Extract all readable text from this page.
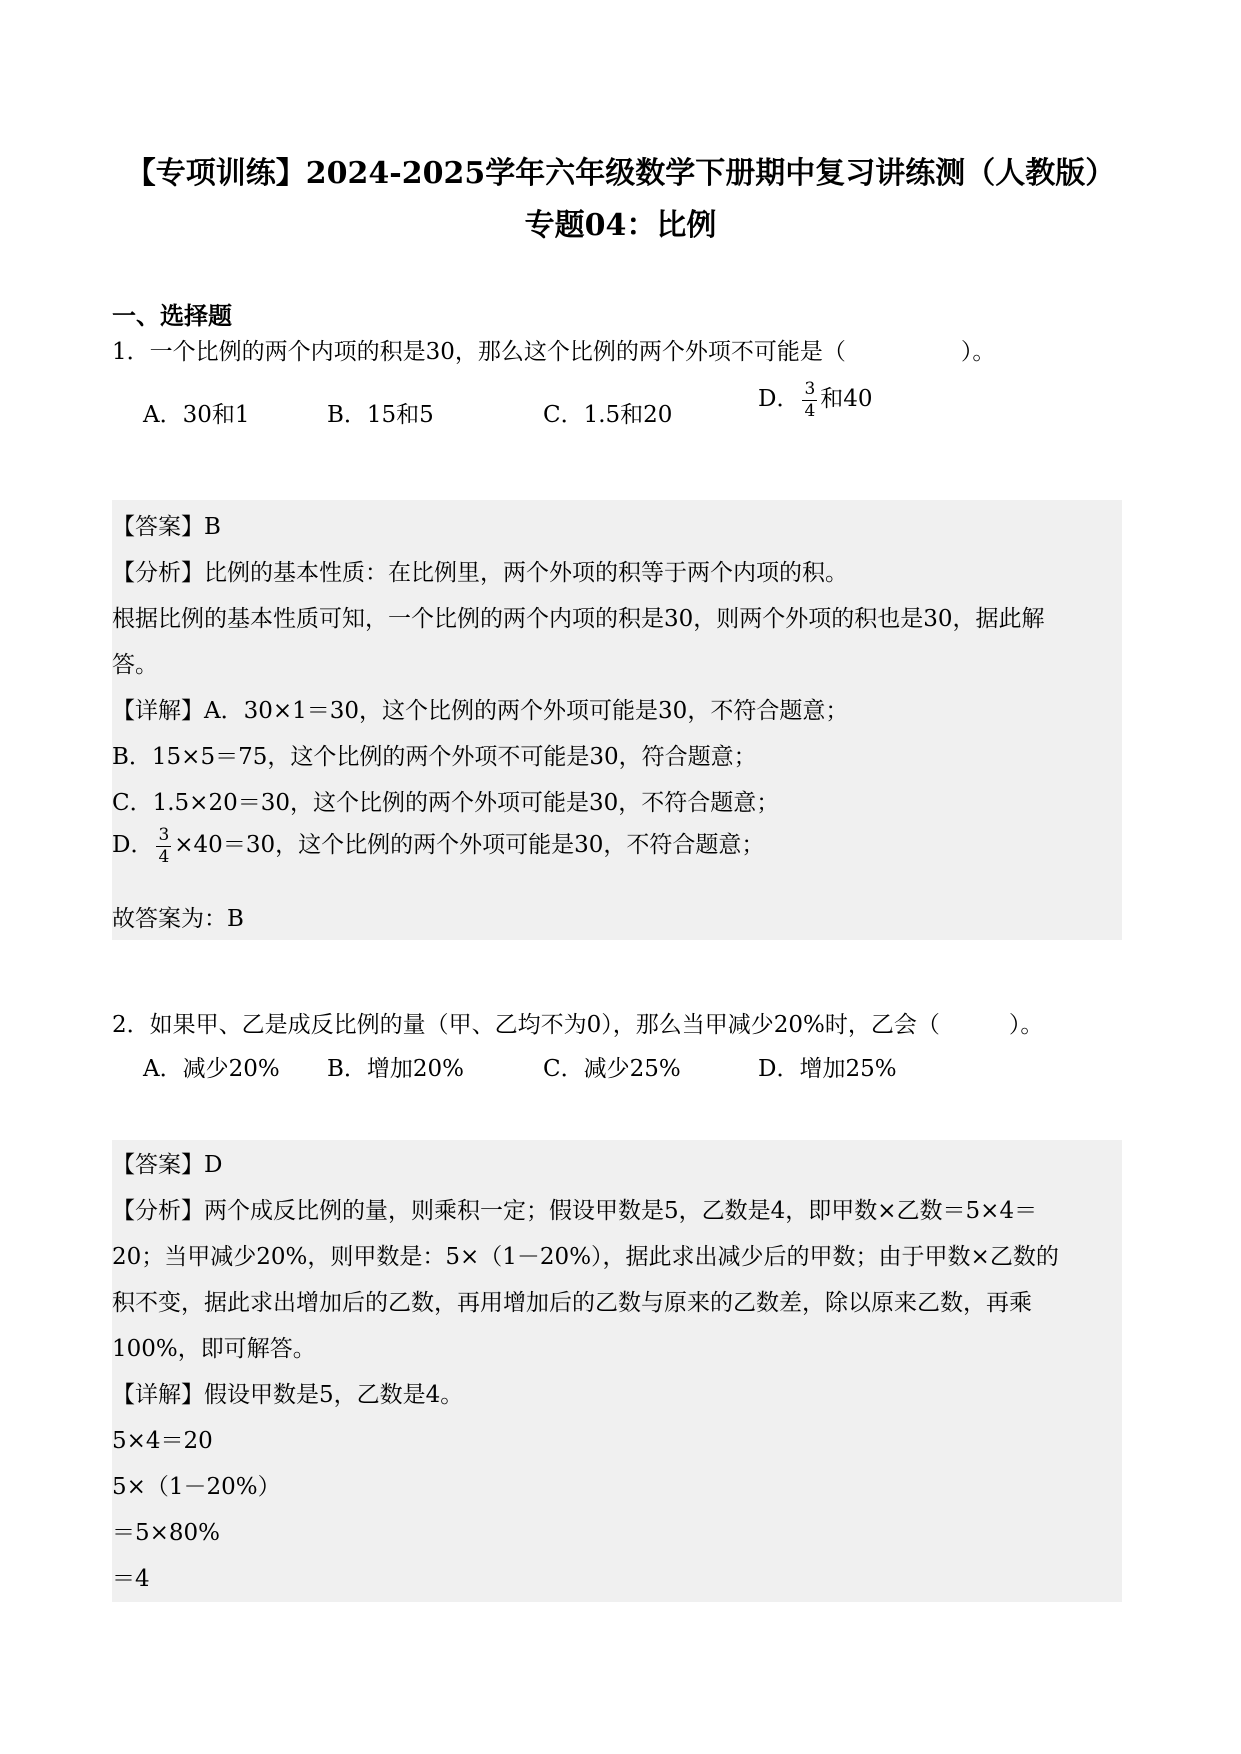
【专项训练】2024-2025学年六年级数学下册期中复习讲练测（人教版）
专题04：比例
一、选择题
1．一个比例的两个内项的积是30，那么这个比例的两个外项不可能是（　　　　　）。
A．30和1	B．15和5	C．1.5和20
D． $\frac{3}{4}$ 和40
【答案】B
【分析】比例的基本性质：在比例里，两个外项的积等于两个内项的积。
根据比例的基本性质可知，一个比例的两个内项的积是30，则两个外项的积也是30，据此解
答。
【详解】A．30×1＝30，这个比例的两个外项可能是30，不符合题意；
B．15×5＝75，这个比例的两个外项不可能是30，符合题意；
C．1.5×20＝30，这个比例的两个外项可能是30，不符合题意；
D． $\frac{3}{4} \times 40=30$，这个比例的两个外项可能是30，不符合题意；
故答案为：B
2．如果甲、乙是成反比例的量（甲、乙均不为0），那么当甲减少20%时，乙会（　　　）。
A．减少20% B．增加20%	C．减少25%	D．增加25%
【答案】D
【分析】两个成反比例的量，则乘积一定；假设甲数是5，乙数是4，即甲数×乙数＝5×4＝
20；当甲减少20%，则甲数是：5×（1－20%），据此求出减少后的甲数；由于甲数×乙数的
积不变，据此求出增加后的乙数，再用增加后的乙数与原来的乙数差，除以原来乙数，再乘
100%，即可解答。
【详解】假设甲数是5，乙数是4。
5×4＝20
5×（1－20%）
＝5×80%
＝4
